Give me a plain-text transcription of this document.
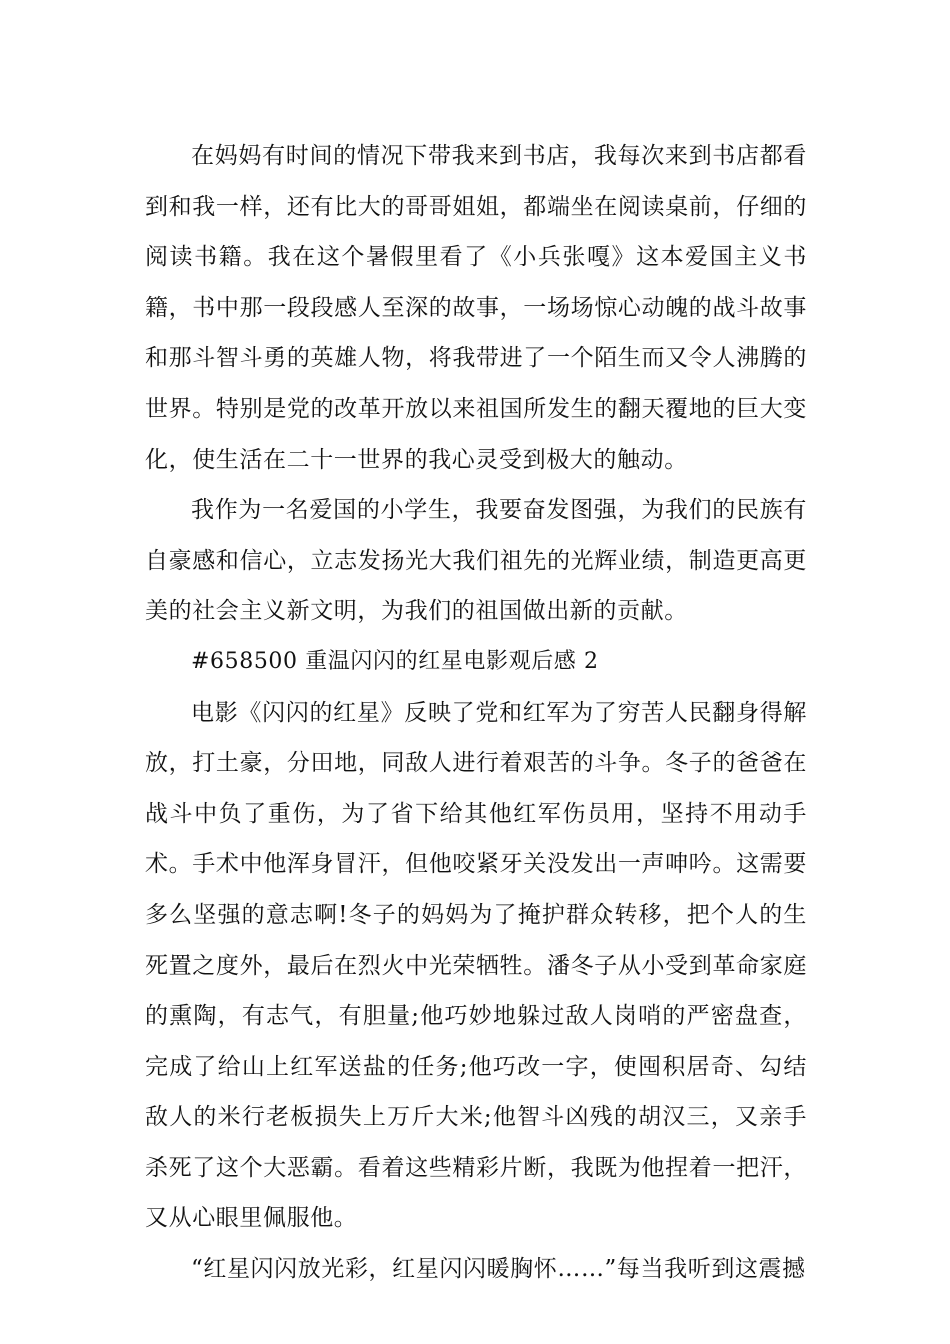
在妈妈有时间的情况下带我来到书店，我每次来到书店都看到和我一样，还有比大的哥哥姐姐，都端坐在阅读桌前，仔细的阅读书籍。我在这个暑假里看了《小兵张嘎》这本爱国主义书籍，书中那一段段感人至深的故事，一场场惊心动魄的战斗故事和那斗智斗勇的英雄人物，将我带进了一个陌生而又令人沸腾的世界。特别是党的改革开放以来祖国所发生的翻天覆地的巨大变化，使生活在二十一世界的我心灵受到极大的触动。

我作为一名爱国的小学生，我要奋发图强，为我们的民族有自豪感和信心，立志发扬光大我们祖先的光辉业绩，制造更高更美的社会主义新文明，为我们的祖国做出新的贡献。

#658500 重温闪闪的红星电影观后感 2

电影《闪闪的红星》反映了党和红军为了穷苦人民翻身得解放，打土豪，分田地，同敌人进行着艰苦的斗争。冬子的爸爸在战斗中负了重伤，为了省下给其他红军伤员用，坚持不用动手术。手术中他浑身冒汗，但他咬紧牙关没发出一声呻吟。这需要多么坚强的意志啊!冬子的妈妈为了掩护群众转移，把个人的生死置之度外，最后在烈火中光荣牺牲。潘冬子从小受到革命家庭的熏陶，有志气，有胆量;他巧妙地躲过敌人岗哨的严密盘查，完成了给山上红军送盐的任务;他巧改一字，使囤积居奇、勾结敌人的米行老板损失上万斤大米;他智斗凶残的胡汉三，又亲手杀死了这个大恶霸。看着这些精彩片断，我既为他捏着一把汗，又从心眼里佩服他。

“红星闪闪放光彩，红星闪闪暖胸怀……”每当我听到这震撼
